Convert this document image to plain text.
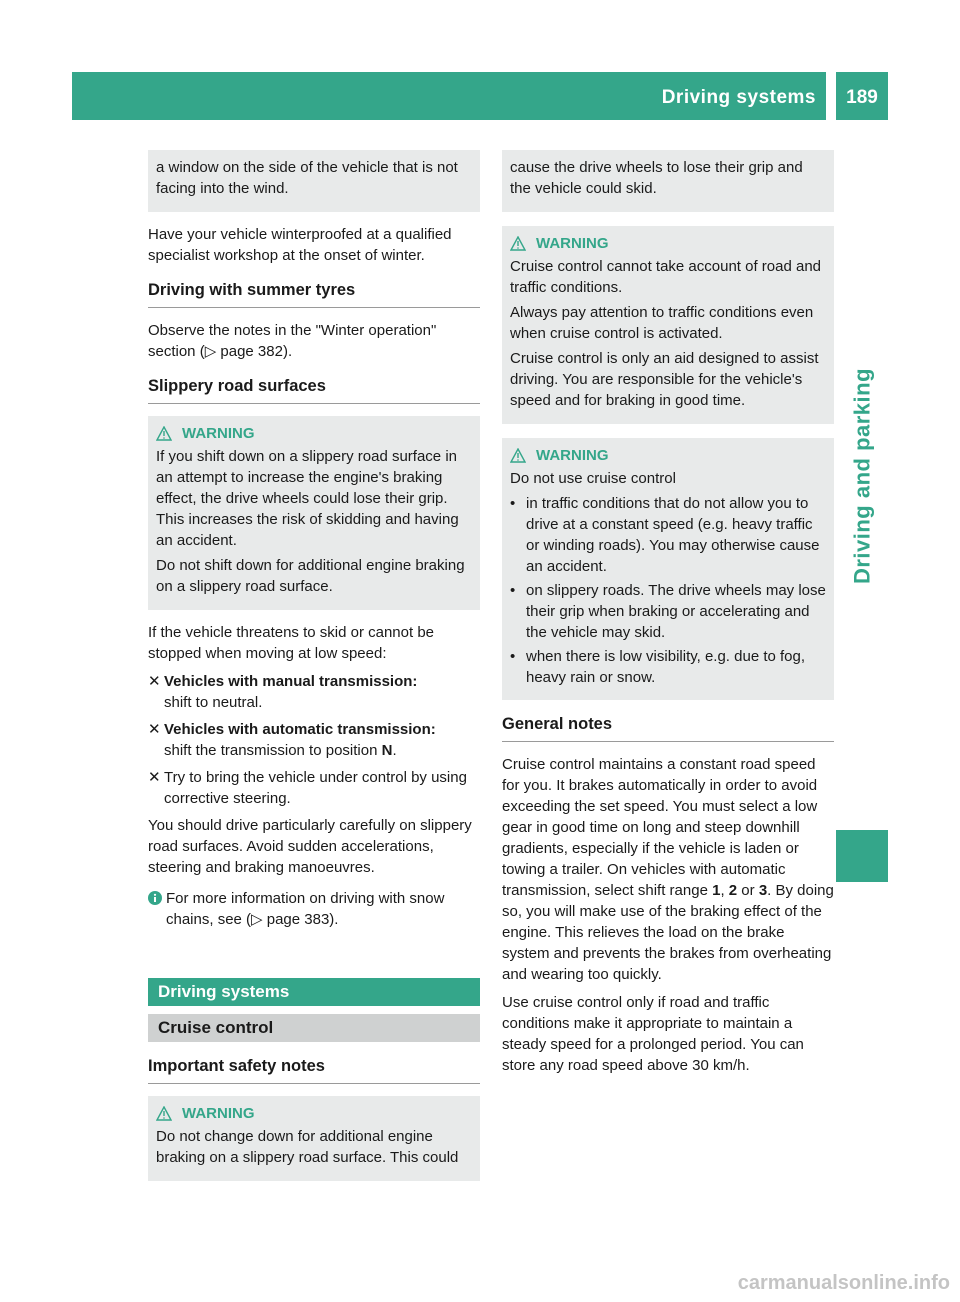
Driving systems	189
Driving and parking

a window on the side of the vehicle that is not facing into the wind.

Have your vehicle winterproofed at a qualified specialist workshop at the onset of winter.

Driving with summer tyres

Observe the notes in the "Winter operation" section (▷ page 382).

Slippery road surfaces
WARNING

If you shift down on a slippery road surface in an attempt to increase the engine's braking effect, the drive wheels could lose their grip. This increases the risk of skidding and having an accident.

Do not shift down for additional engine braking on a slippery road surface.

If the vehicle threatens to skid or cannot be stopped when moving at low speed:

✕ Vehicles with manual transmission:
shift to neutral.
✕ Vehicles with automatic transmission:
shift the transmission to position N.
✕ Try to bring the vehicle under control by using corrective steering.

You should drive particularly carefully on slippery road surfaces. Avoid sudden accelerations, steering and braking manoeuvres.

For more information on driving with snow chains, see (▷ page 383).
Driving systems
Cruise control
Important safety notes
WARNING

Do not change down for additional engine braking on a slippery road surface. This could

cause the drive wheels to lose their grip and the vehicle could skid.

WARNING

Cruise control cannot take account of road and traffic conditions.

Always pay attention to traffic conditions even when cruise control is activated.

Cruise control is only an aid designed to assist driving. You are responsible for the vehicle's speed and for braking in good time.

WARNING

Do not use cruise control

• in traffic conditions that do not allow you to drive at a constant speed (e.g. heavy traffic or winding roads). You may otherwise cause an accident.
• on slippery roads. The drive wheels may lose their grip when braking or accelerating and the vehicle may skid.
• when there is low visibility, e.g. due to fog, heavy rain or snow.
General notes

Cruise control maintains a constant road speed for you. It brakes automatically in order to avoid exceeding the set speed. You must select a low gear in good time on long and steep downhill gradients, especially if the vehicle is laden or towing a trailer. On vehicles with automatic transmission, select shift range 1, 2 or 3. By doing so, you will make use of the braking effect of the engine. This relieves the load on the brake system and prevents the brakes from overheating and wearing too quickly.

Use cruise control only if road and traffic conditions make it appropriate to maintain a steady speed for a prolonged period. You can store any road speed above 30 km/h.

carmanualsonline.info
